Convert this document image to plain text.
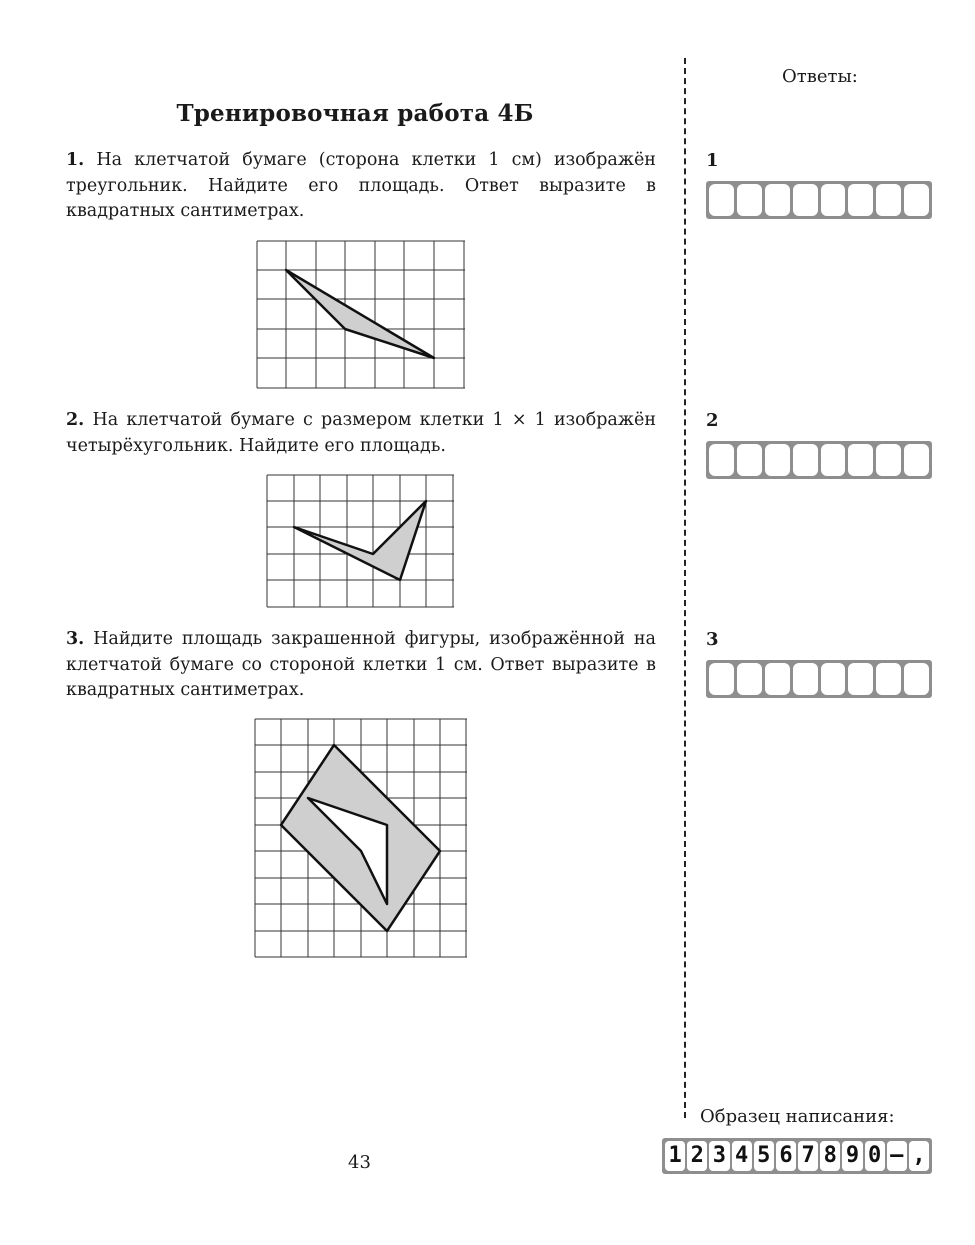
Тренировочная работа 4Б
1. На клетчатой бумаге (сторона клетки 1 см) изображён треугольник. Найдите его площадь. Ответ выразите в квадратных сантиметрах.
2. На клетчатой бумаге с размером клетки 1 × 1 изображён четырёхугольник. Найдите его площадь.
3. Найдите площадь закрашенной фигуры, изображённой на клетчатой бумаге со стороной клетки 1 см. Ответ выразите в квадратных сантиметрах.
Ответы:
1
2
3
Образец написания:
1 2 3 4 5 6 7 8 9 0 – ,
43
